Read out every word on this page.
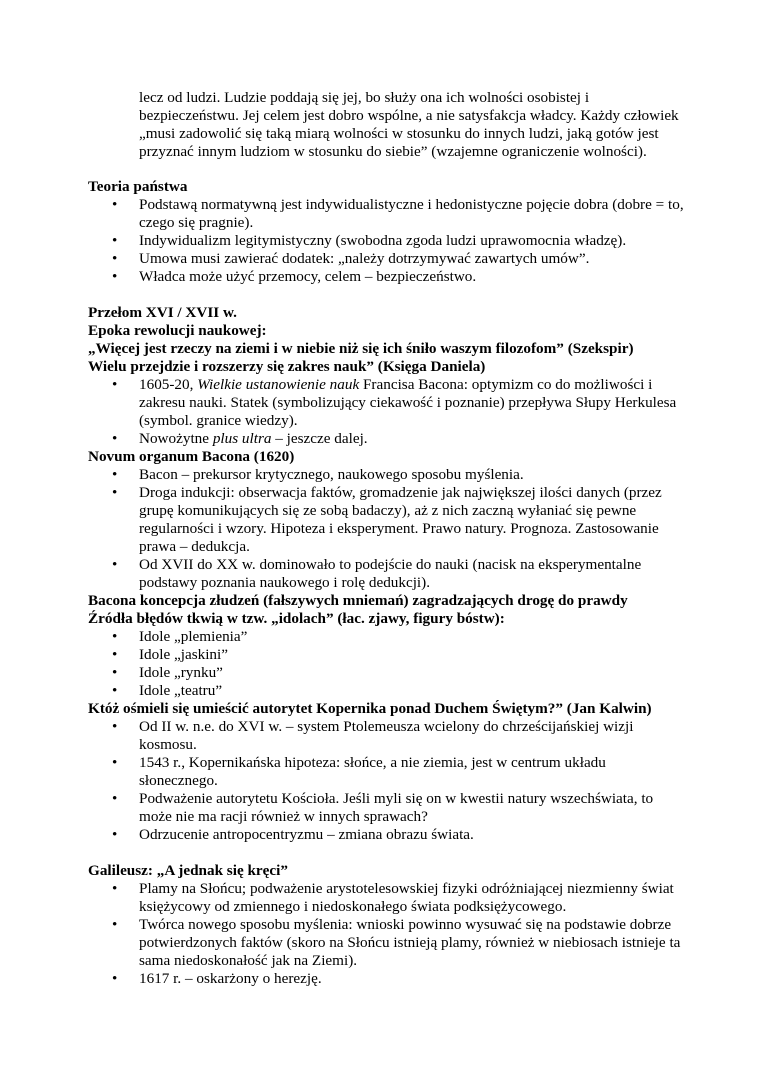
lecz od ludzi. Ludzie poddają się jej, bo służy ona ich wolności osobistej i bezpieczeństwu. Jej celem jest dobro wspólne, a nie satysfakcja władcy. Każdy człowiek „musi zadowolić się taką miarą wolności w stosunku do innych ludzi, jaką gotów jest przyznać innym ludziom w stosunku do siebie” (wzajemne ograniczenie wolności).

Teoria państwa
• Podstawą normatywną jest indywidualistyczne i hedonistyczne pojęcie dobra (dobre = to, czego się pragnie).
• Indywidualizm legitymistyczny (swobodna zgoda ludzi uprawomocnia władzę).
• Umowa musi zawierać dodatek: „należy dotrzymywać zawartych umów”.
• Władca może użyć przemocy, celem – bezpieczeństwo.
Przełom XVI / XVII w.
Epoka rewolucji naukowej:
„Więcej jest rzeczy na ziemi i w niebie niż się ich śniło waszym filozofom” (Szekspir)
Wielu przejdzie i rozszerzy się zakres nauk” (Księga Daniela)
• 1605-20, Wielkie ustanowienie nauk Francisa Bacona: optymizm co do możliwości i zakresu nauki. Statek (symbolizujący ciekawość i poznanie) przepływa Słupy Herkulesa (symbol. granice wiedzy).
• Nowożytne plus ultra – jeszcze dalej.
Novum organum Bacona (1620)
• Bacon – prekursor krytycznego, naukowego sposobu myślenia.
• Droga indukcji: obserwacja faktów, gromadzenie jak największej ilości danych (przez grupę komunikujących się ze sobą badaczy), aż z nich zaczną wyłaniać się pewne regularności i wzory. Hipoteza i eksperyment. Prawo natury. Prognoza. Zastosowanie prawa – dedukcja.
• Od XVII do XX w. dominowało to podejście do nauki (nacisk na eksperymentalne podstawy poznania naukowego i rolę dedukcji).
Bacona koncepcja złudzeń (fałszywych mniemań) zagradzających drogę do prawdy
Źródła błędów tkwią w tzw. „idolach” (łac. zjawy, figury bóstw):
• Idole „plemienia”
• Idole „jaskini”
• Idole „rynku”
• Idole „teatru”
Któż ośmieli się umieścić autorytet Kopernika ponad Duchem Świętym?” (Jan Kalwin)
• Od II w. n.e. do XVI w. – system Ptolemeusza wcielony do chrześcijańskiej wizji kosmosu.
• 1543 r., Kopernikańska hipoteza: słońce, a nie ziemia, jest w centrum układu słonecznego.
• Podważenie autorytetu Kościoła. Jeśli myli się on w kwestii natury wszechświata, to może nie ma racji również w innych sprawach?
• Odrzucenie antropocentryzmu – zmiana obrazu świata.
Galileusz: „A jednak się kręci”
• Plamy na Słońcu; podważenie arystotelesowskiej fizyki odróżniającej niezmienny świat księżycowy od zmiennego i niedoskonałego świata podksiężycowego.
• Twórca nowego sposobu myślenia: wnioski powinno wysuwać się na podstawie dobrze potwierdzonych faktów (skoro na Słońcu istnieją plamy, również w niebiosach istnieje ta sama niedoskonałość jak na Ziemi).
• 1617 r. – oskarżony o herezję.
